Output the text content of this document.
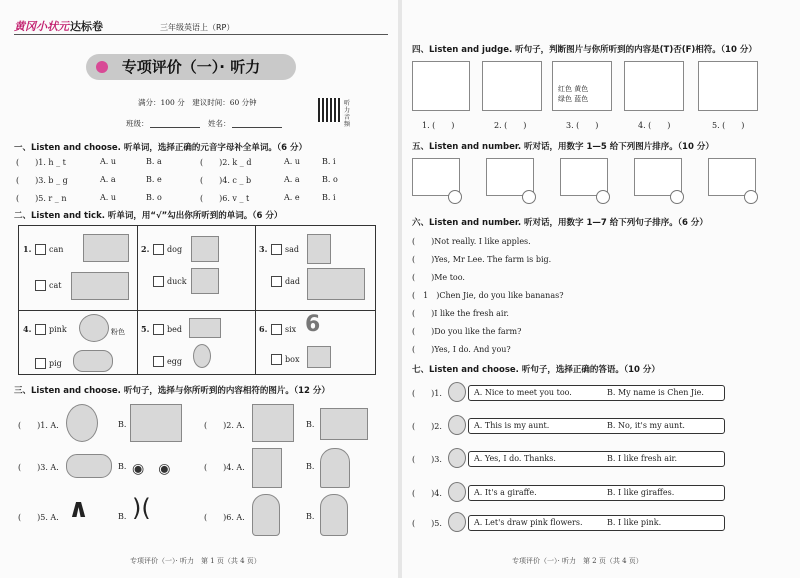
黄冈小状元 达标卷	三年级英语上（RP）
专项评价（一）· 听力
满分：100 分　建议时间：60 分钟	听力音频
班级：	姓名：
一、Listen and choose. 听单词，选择正确的元音字母补全单词。（6 分）
(　　)1. h _ t	A. u	B. a	(　　)2. k _ d	A. u	B. i
(　　)3. b _ g	A. a	B. e	(　　)4. c _ b	A. a	B. o
(　　)5. r _ n	A. u	B. o	(　　)6. v _ t	A. e	B. i
二、Listen and tick. 听单词，用“√”勾出你所听到的单词。（6 分）
1. can
cat
2. dog
duck
3. sad
dad
4. pink	粉色
pig
5. bed
egg
6. six 6
box
三、Listen and choose. 听句子，选择与你所听到的内容相符的图片。（12 分）
(　　)1. A.	B.	(　　)2. A.	B.
(　　)3. A.	B. ◉　◉	(　　)4. A.	B.
(　　)5. A. ∧	B. )(	(　　)6. A.	B.
专项评价（一）· 听力　第 1 页（共 4 页）
四、Listen and judge. 听句子，判断图片与你所听到的内容是(T)否(F)相符。（10 分）
红色 黄色
绿色 蓝色
1. (　　)	2. (　　)	3. (　　)	4. (　　)	5. (　　)
五、Listen and number. 听对话，用数字 1—5 给下列图片排序。（10 分）
六、Listen and number. 听对话，用数字 1—7 给下列句子排序。（6 分）
(　　)Not really. I like apples.
(　　)Yes, Mr Lee. The farm is big.
(　　)Me too.
(　1　)Chen Jie, do you like bananas?
(　　)I like the fresh air.
(　　)Do you like the farm?
(　　)Yes, I do. And you?
七、Listen and choose. 听句子，选择正确的答语。（10 分）
(　　)1.	A. Nice to meet you too.	B. My name is Chen Jie.
(　　)2.	A. This is my aunt.	B. No, it's my aunt.
(　　)3.	A. Yes, I do. Thanks.	B. I like fresh air.
(　　)4.	A. It's a giraffe.	B. I like giraffes.
(　　)5.	A. Let's draw pink flowers.	B. I like pink.
专项评价（一）· 听力　第 2 页（共 4 页）
